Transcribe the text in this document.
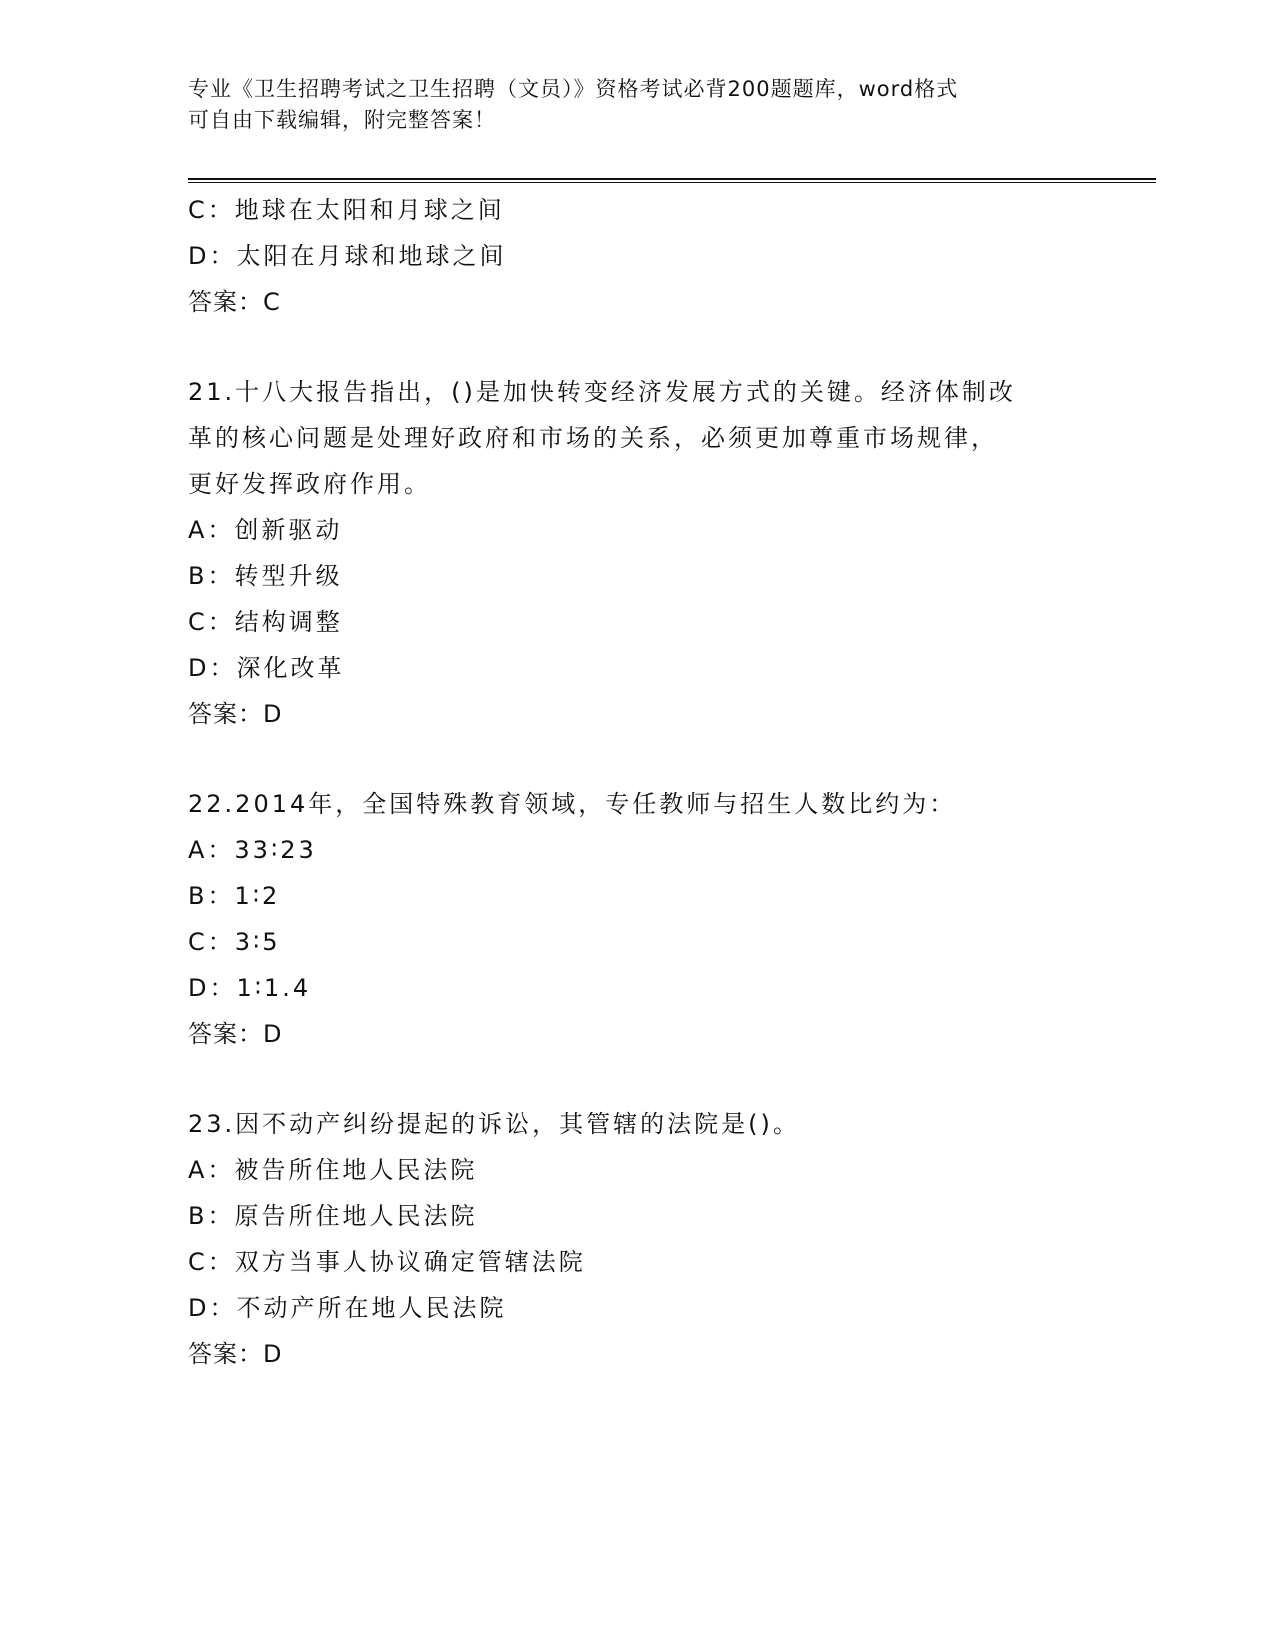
专业《卫生招聘考试之卫生招聘（文员）》资格考试必背200题题库，word格式
可自由下载编辑，附完整答案！
C：地球在太阳和月球之间
D：太阳在月球和地球之间
答案：C
21.十八大报告指出，()是加快转变经济发展方式的关键。经济体制改
革的核心问题是处理好政府和市场的关系，必须更加尊重市场规律，
更好发挥政府作用。
A：创新驱动
B：转型升级
C：结构调整
D：深化改革
答案：D
22.2014年，全国特殊教育领域，专任教师与招生人数比约为：
A：33∶23
B：1∶2
C：3∶5
D：1∶1.4
答案：D
23.因不动产纠纷提起的诉讼，其管辖的法院是()。
A：被告所住地人民法院
B：原告所住地人民法院
C：双方当事人协议确定管辖法院
D：不动产所在地人民法院
答案：D
